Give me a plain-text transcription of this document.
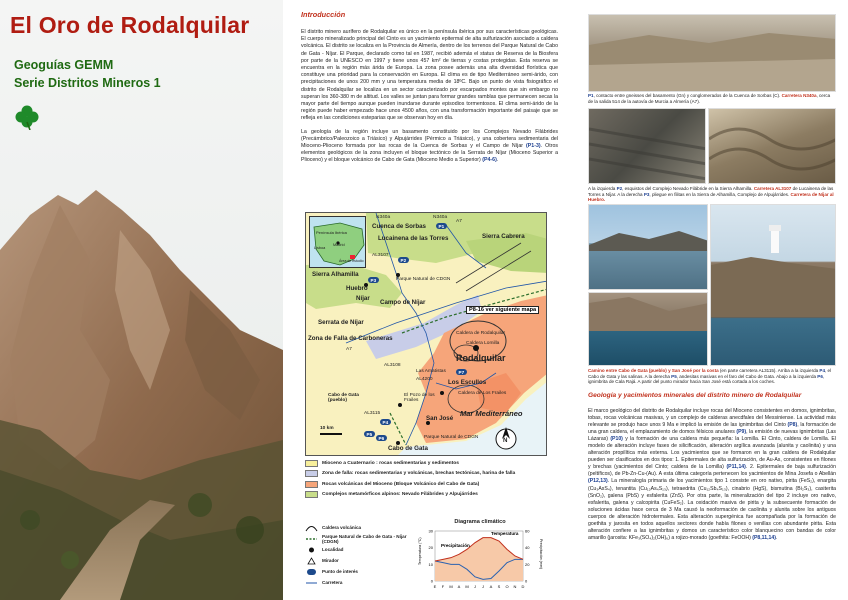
El Oro de Rodalquilar
Geoguías GEMM
Serie Distritos Mineros 1
Introducción

El distrito minero aurífero de Rodalquilar es único en la península ibérica por sus características geológicas. El cuerpo mineralizado principal del Cinto es un yacimiento epitermal de alta sulfurización asociado a caldera volcánica. El distrito se localiza en la Provincia de Almería, dentro de los terrenos del Parque Natural de Cabo de Gata - Níjar. El Parque, declarado como tal en 1987, recibió además el status de Reserva de la Biosfera por parte de la UNESCO en 1997 y tiene unos 457 km² de tierras y costas protegidas. Esta reserva se encuentra en la región más árida de Europa. La zona posee además una alta diversidad florística que constituye una prioridad para la conservación en Europa. El clima es de tipo Mediterráneo semi-árido, con precipitaciones de unos 200 mm y una temperatura media de 18ºC. Bajo un punto de vista fisiográfico el distrito de Rodalquilar se localiza en un sector caracterizado por escarpados montes que sin embargo no superan los 360-380 m de altitud. Los valles se juntan para formar grandes ramblas que permanecen secas la mayor parte del tiempo aunque pueden inundarse durante episodios tormentosos. El clima semi-árido de la región puede haber empezado hace unos 4500 años, con una transformación importante del paisaje que se refleja en las condiciones esteparias que se observan hoy en día.

La geología de la región incluye un basamento constituido por los Complejos Nevado Filábrides (Precámbrico/Paleozoico a Triásico) y Alpujárrides (Pérmico a Triásico), y una cobertera sedimentaria del Mioceno-Plioceno formada por las rocas de la Cuenca de Sorbas y el Campo de Níjar (P1-3). Otros elementos geológicos de la zona incluyen el bloque tectónico de la Serrata de Níjar (Mioceno Superior a Plioceno) y el bloque volcánico de Cabo de Gata (Mioceno Medio a Superior) (P4-6).

Península Ibérica
Madrid
Lisboa
Área de estudio
N340a	N340a
A7
Cuenca de Sorbas	P1
Lucainena de las Torres	Sierra Cabrera
AL3107
P2
Sierra Alhamilla
P3	Parque Natural de CDGN
Huebro
Níjar
Campo de Níjar
P8-16 ver siguiente mapa
Serrata de Níjar
Zona de Falla de Carboneras
A7
Caldera de Rodalquilar
Caldera Lomilla
Rodalquilar
P7
AL3108
Las Amatistas
AL4200 Los Escullos
Caldera de Los Frailes
El Pozo de los Frailes
Mar Mediterráneo
Cabo de Gata (pueblo)
AL3115
P4
P5
P6
San José
Parque Natural de CDGN
Cabo de Gata
10 km
N
Mioceno a Cuaternario : rocas sedimentarias y sedimentos
Zona de falla: rocas sedimentarias y volcánicas, brechas tectónicas, harina de falla
Rocas volcánicas del Mioceno (Bloque Volcánico del Cabo de Gata)
Complejos metamórficos alpinos: Nevado Filábrides y Alpujárrides
Caldera volcánica
Parque Natural de Cabo de Gata - Níjar (CDGN)
Localidad
Mirador
Punto de interés
Carretera
Diagrama climático
E F M A M J J A S O N D
30
20
10
0
60
40
20
0
Precipitación
Temperatura
Temperatura (°C)	Precipitación (mm)
P1, contacto entre gneisses del basamento (Gn) y conglomerados de la Cuenca de Sorbas (C). Carretera N340a, cerca de la salida 514 de la autovía de Murcia a Almería (A7).
A la izquierda P2, esquistos del Complejo Nevado Filábride en la Sierra Alhamilla. Carretera AL3107 de Lucainena de las Torres a Níjar. A la derecha P3, pliegue en filitas en la Sierra de Alhamilla, Complejo de Alpujárrides. Carretera de Níjar al Huebro.
Camino entre Cabo de Gata (pueblo) y San José por la costa (en parte carretera AL3115). Arriba a la izquierda P4, el Cabo de Gata y las salinas. A la derecha P5, andesitas masivas en el faro del Cabo de Gata. Abajo a la izquierda P6, ignimbrita de Cala Rajá. A partir del punto mirador hacia San José está cortada a los coches.
Geología y yacimientos minerales del distrito minero de Rodalquilar

El marco geológico del distrito de Rodalquilar incluye rocas del Mioceno consistentes en domos, ignimbritas, tobas, rocas volcánicas masivas, y un complejo de calderas anecdfales del Messiniense. La actividad más relevante se produjo hace unos 9 Ma e implicó la emisión de las ignimbritas del Cinto (P8), la formación de una gran caldera, el emplazamiento de domos félsicos anulares (P9), la emisión de nuevas ignimbritas (Las Lázaras) (P10) y la formación de una caldera más pequeña: la Lomilla. El Cinto, caldera de Lomilla. El modelo de alteración incluye fases de silicificación, alteración argílica avanzada (alunita y caolinita) y una alteración propilítica más externa. Los yacimientos que se formaron en la gran caldera de Rodalquilar pueden ser clasificados en dos tipos: 1. Epitermales de alta sulfurización, de Au-As, consistentes en filones y brechas (yacimientos del Cinto; caldera de la Lomilla) (P11,14). 2. Epitermales de baja sulfurización (peltíficos), de Pb-Zn-Cu-(Au). A esta última categoría pertenecen los yacimientos de Mina Josefa o Abellán (P12,13). La mineralogía primaria de los yacimientos tipo 1 consiste en oro nativo, pirita (FeS₂), enargita (Cu₃AsS₄), tenantita (Cu₁₂As₄S₁₃), tetraedrita (Cu₁₂Sb₄S₁₃), cinabrio (HgS), bismutina (Bi₂S₃), casiterita (SnO₂), galena (PbS) y esfalerita (ZnS). Por otra parte, la mineralización del tipo 2 incluye oro nativo, esfalerita, galena y calcopirita (CuFeS₂). La oxidación masiva de pirita y la subsecuente formación de soluciones ácidas hace cerca de 3 Ma causó la neoformación de caolinita y alunita sobre los antiguos cuerpos de alteración hidrotermales. Esta alteración supergénica fue acompañada por la formación de goethita y jarosita en todos aquellos sectores donde había filones o venillas con abundante pirita. Esta alteración confiere a las ignimbritas y domos un característico color blanquecino con bandas de color amarillo (jarosita: KFe₃(SO₄)₂(OH)₆) a rojizo-morado (goethita: FeOOH) (P8,11,14).
